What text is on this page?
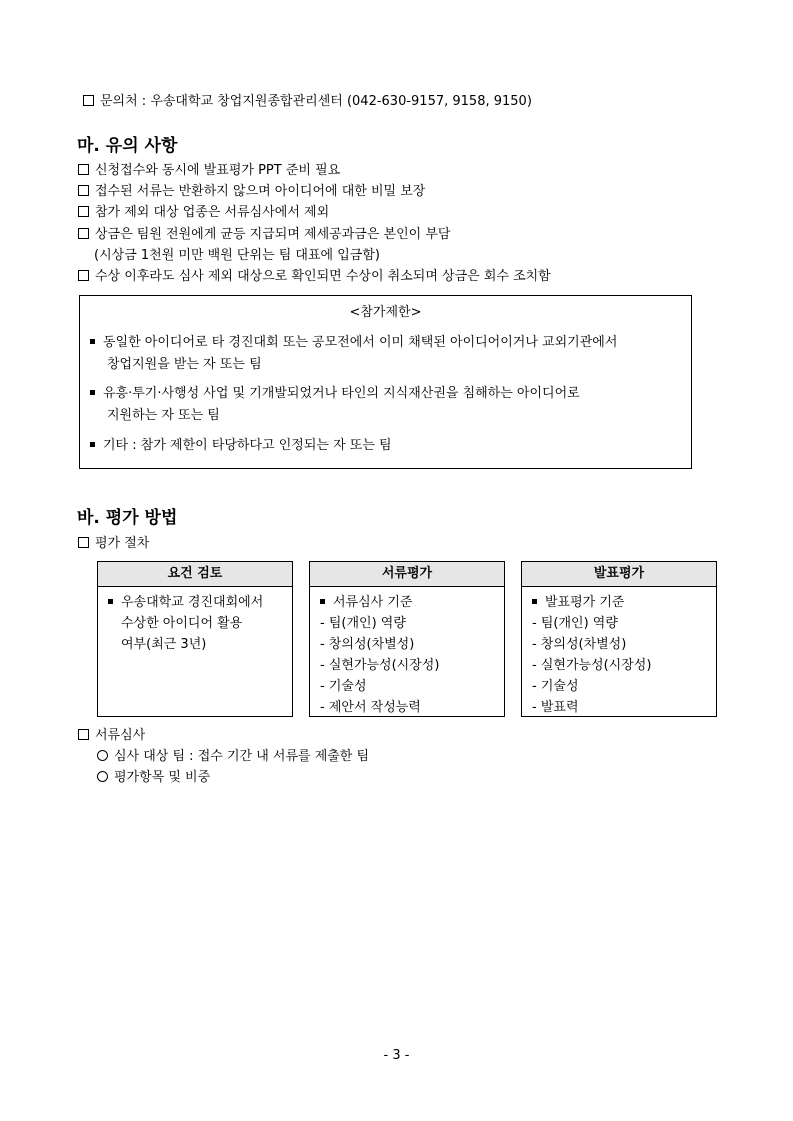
문의처 : 우송대학교 창업지원종합관리센터 (042-630-9157, 9158, 9150)
마. 유의 사항
신청접수와 동시에 발표평가 PPT 준비 필요
접수된 서류는 반환하지 않으며 아이디어에 대한 비밀 보장
참가 제외 대상 업종은 서류심사에서 제외
상금은 팀원 전원에게 균등 지급되며 제세공과금은 본인이 부담
(시상금 1천원 미만 백원 단위는 팀 대표에 입금함)
수상 이후라도 심사 제외 대상으로 확인되면 수상이 취소되며 상금은 회수 조치함
<참가제한>
동일한 아이디어로 타 경진대회 또는 공모전에서 이미 채택된 아이디어이거나 교외기관에서
창업지원을 받는 자 또는 팀
유흥·투기·사행성 사업 및 기개발되었거나 타인의 지식재산권을 침해하는 아이디어로
지원하는 자 또는 팀
기타 : 참가 제한이 타당하다고 인정되는 자 또는 팀
바. 평가 방법
평가 절차
요건 검토
우송대학교 경진대회에서
수상한 아이디어 활용
여부(최근 3년)
서류평가
서류심사 기준
- 팀(개인) 역량
- 창의성(차별성)
- 실현가능성(시장성)
- 기술성
- 제안서 작성능력
발표평가
발표평가 기준
- 팀(개인) 역량
- 창의성(차별성)
- 실현가능성(시장성)
- 기술성
- 발표력
서류심사
심사 대상 팀 : 접수 기간 내 서류를 제출한 팀
평가항목 및 비중
- 3 -
